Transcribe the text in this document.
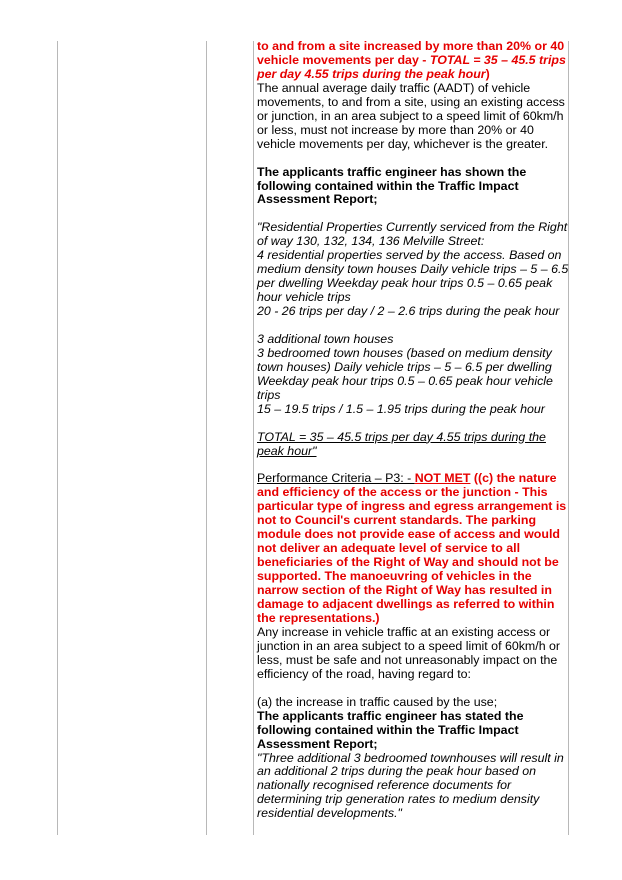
to and from a site increased by more than 20% or 40 vehicle movements per day - TOTAL = 35 – 45.5 trips per day 4.55 trips during the peak hour)

The annual average daily traffic (AADT) of vehicle movements, to and from a site, using an existing access or junction, in an area subject to a speed limit of 60km/h or less, must not increase by more than 20% or 40 vehicle movements per day, whichever is the greater.

The applicants traffic engineer has shown the following contained within the Traffic Impact Assessment Report;

"Residential Properties Currently serviced from the Right of way 130, 132, 134, 136 Melville Street:

4 residential properties served by the access. Based on medium density town houses Daily vehicle trips – 5 – 6.5 per dwelling Weekday peak hour trips 0.5 – 0.65 peak hour vehicle trips

20 - 26 trips per day / 2 – 2.6 trips during the peak hour

3 additional town houses

3 bedroomed town houses (based on medium density town houses) Daily vehicle trips – 5 – 6.5 per dwelling Weekday peak hour trips 0.5 – 0.65 peak hour vehicle trips

15 – 19.5 trips / 1.5 – 1.95 trips during the peak hour

TOTAL = 35 – 45.5 trips per day 4.55 trips during the peak hour"

Performance Criteria – P3: - NOT MET ((c) the nature and efficiency of the access or the junction - This particular type of ingress and egress arrangement is not to Council's current standards. The parking module does not provide ease of access and would not deliver an adequate level of service to all beneficiaries of the Right of Way and should not be supported. The manoeuvring of vehicles in the narrow section of the Right of Way has resulted in damage to adjacent dwellings as referred to within the representations.)

Any increase in vehicle traffic at an existing access or junction in an area subject to a speed limit of 60km/h or less, must be safe and not unreasonably impact on the efficiency of the road, having regard to:

(a) the increase in traffic caused by the use;

The applicants traffic engineer has stated the following contained within the Traffic Impact Assessment Report;

"Three additional 3 bedroomed townhouses will result in an additional 2 trips during the peak hour based on nationally recognised reference documents for determining trip generation rates to medium density residential developments."
